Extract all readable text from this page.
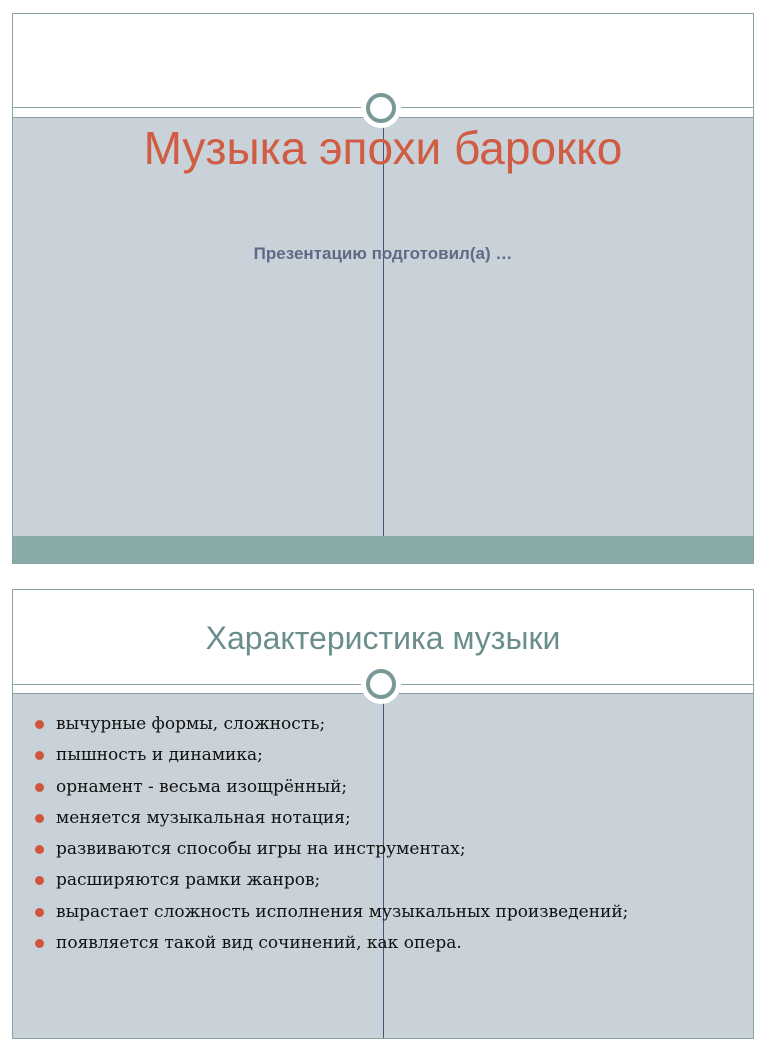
Музыка эпохи барокко
Презентацию подготовил(а) …
Характеристика музыки
вычурные формы, сложность;
пышность и динамика;
орнамент - весьма изощрённый;
меняется музыкальная нотация;
развиваются способы игры на инструментах;
расширяются рамки жанров;
вырастает сложность исполнения музыкальных произведений;
появляется такой вид сочинений, как опера.
